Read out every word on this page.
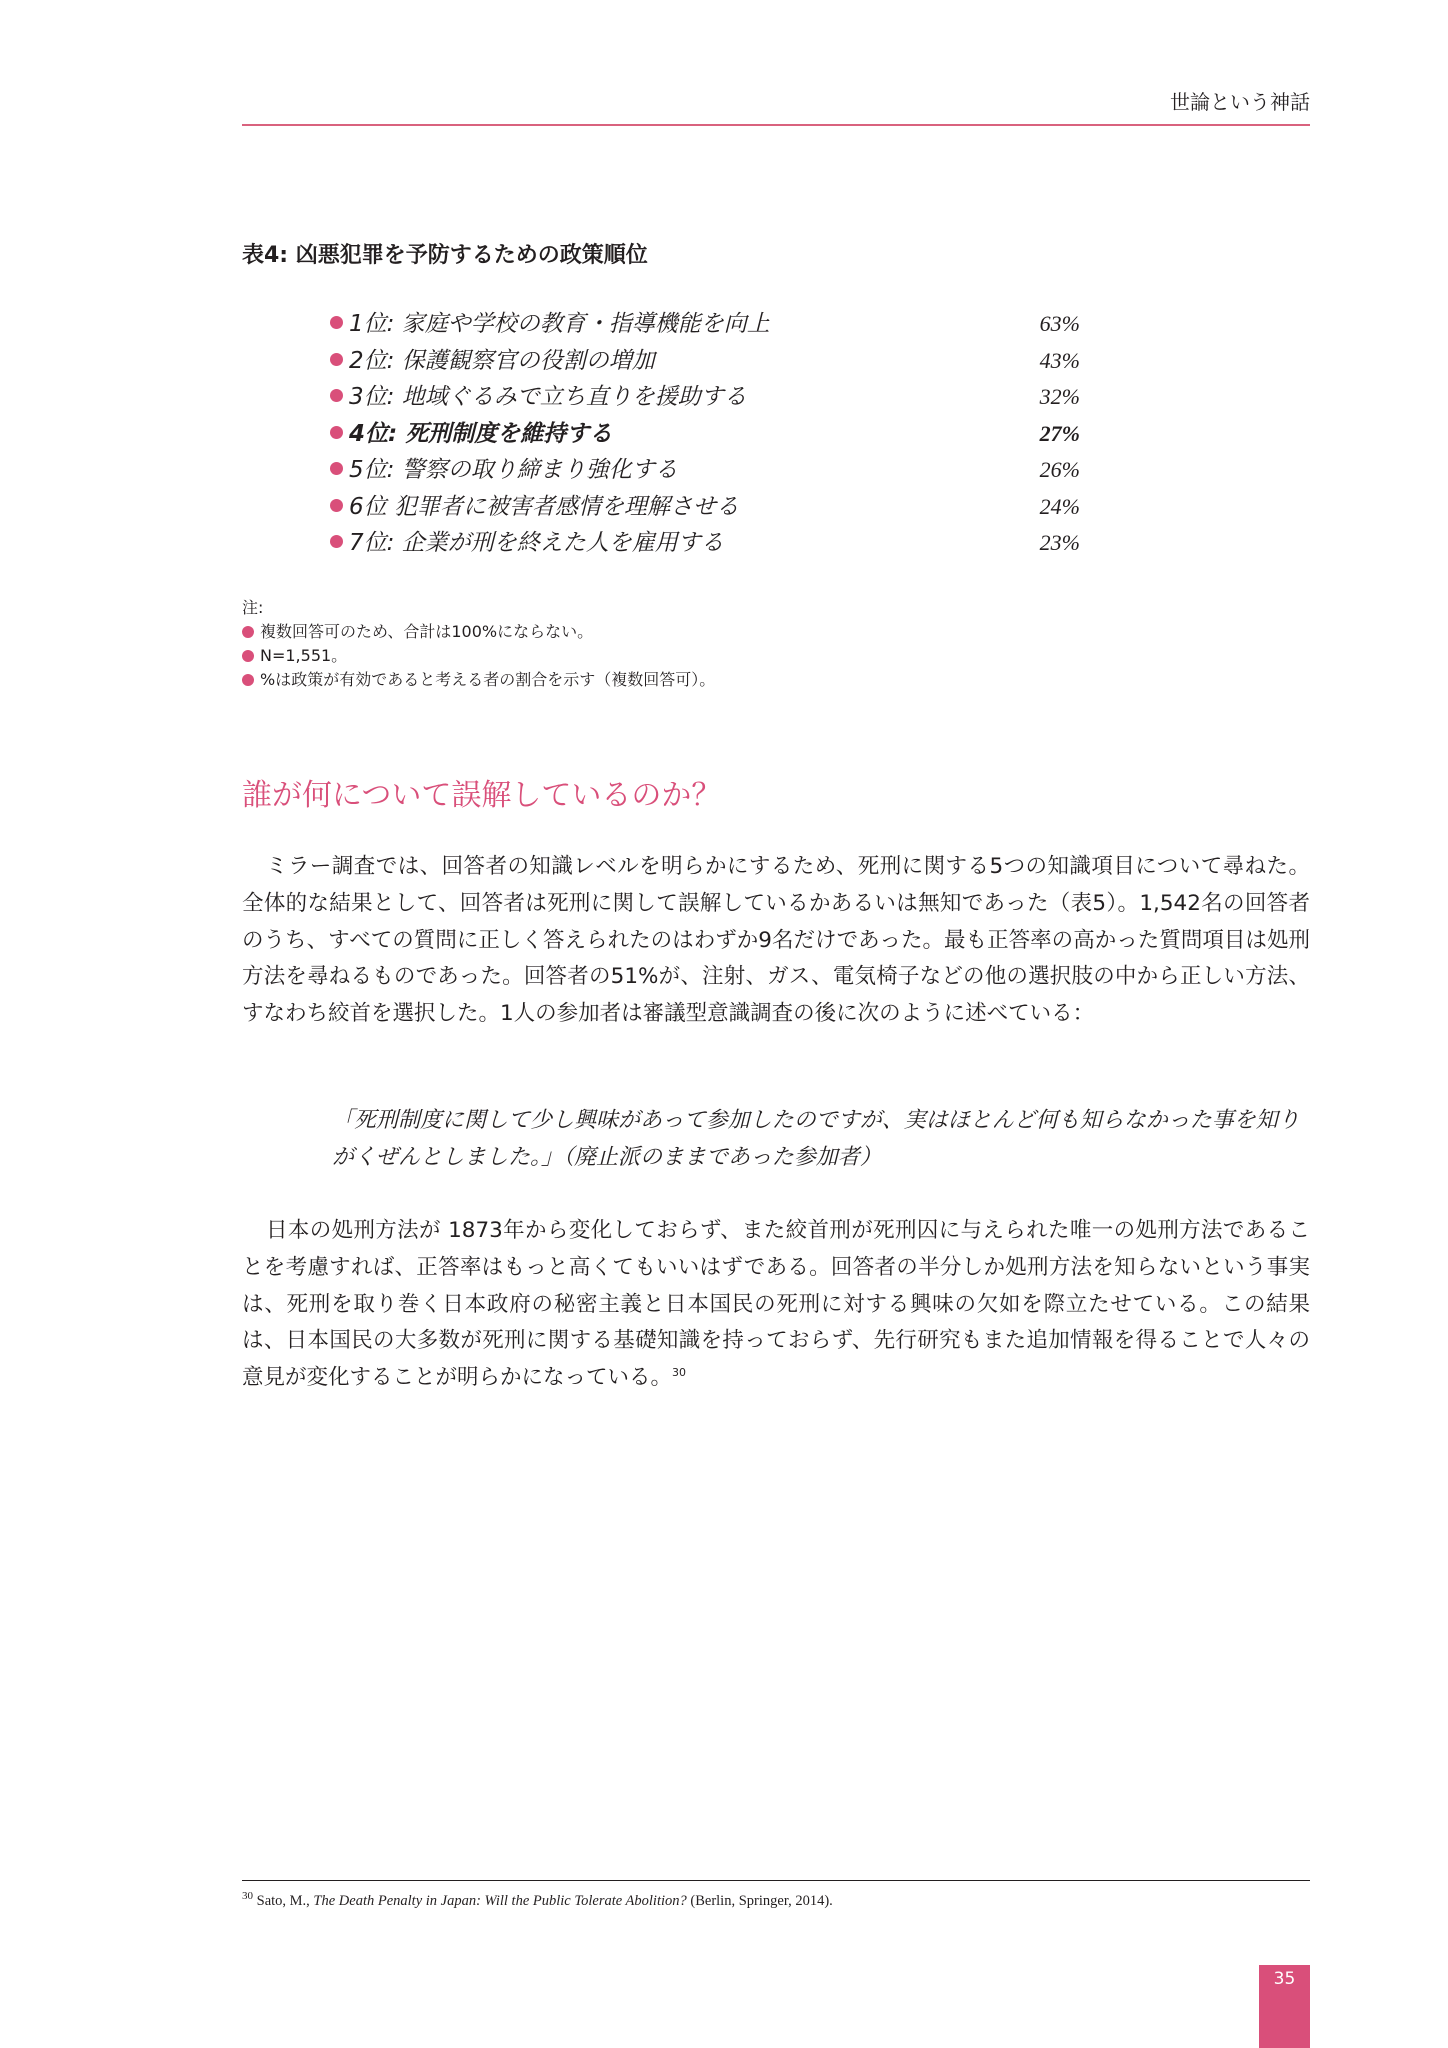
世論という神話
表4: 凶悪犯罪を予防するための政策順位
1位: 家庭や学校の教育・指導機能を向上	63%
2位: 保護観察官の役割の増加	43%
3位: 地域ぐるみで立ち直りを援助する	32%
4位: 死刑制度を維持する	27%
5位: 警察の取り締まり強化する	26%
6位 犯罪者に被害者感情を理解させる	24%
7位: 企業が刑を終えた人を雇用する	23%
注:
複数回答可のため、合計は100%にならない。
N=1,551。
%は政策が有効であると考える者の割合を示す（複数回答可）。
誰が何について誤解しているのか？

ミラー調査では、回答者の知識レベルを明らかにするため、死刑に関する5つの知識項目について尋ねた。全体的な結果として、回答者は死刑に関して誤解しているかあるいは無知であった（表5）。1,542名の回答者のうち、すべての質問に正しく答えられたのはわずか9名だけであった。最も正答率の高かった質問項目は処刑方法を尋ねるものであった。回答者の51%が、注射、ガス、電気椅子などの他の選択肢の中から正しい方法、すなわち絞首を選択した。1人の参加者は審議型意識調査の後に次のように述べている：

「死刑制度に関して少し興味があって参加したのですが、実はほとんど何も知らなかった事を知りがくぜんとしました。」（廃止派のままであった参加者）

日本の処刑方法が 1873年から変化しておらず、また絞首刑が死刑囚に与えられた唯一の処刑方法であることを考慮すれば、正答率はもっと高くてもいいはずである。回答者の半分しか処刑方法を知らないという事実は、死刑を取り巻く日本政府の秘密主義と日本国民の死刑に対する興味の欠如を際立たせている。この結果は、日本国民の大多数が死刑に関する基礎知識を持っておらず、先行研究もまた追加情報を得ることで人々の意見が変化することが明らかになっている。$^{30}$

$^{30}$ Sato, M., The Death Penalty in Japan: Will the Public Tolerate Abolition? (Berlin, Springer, 2014).
35
